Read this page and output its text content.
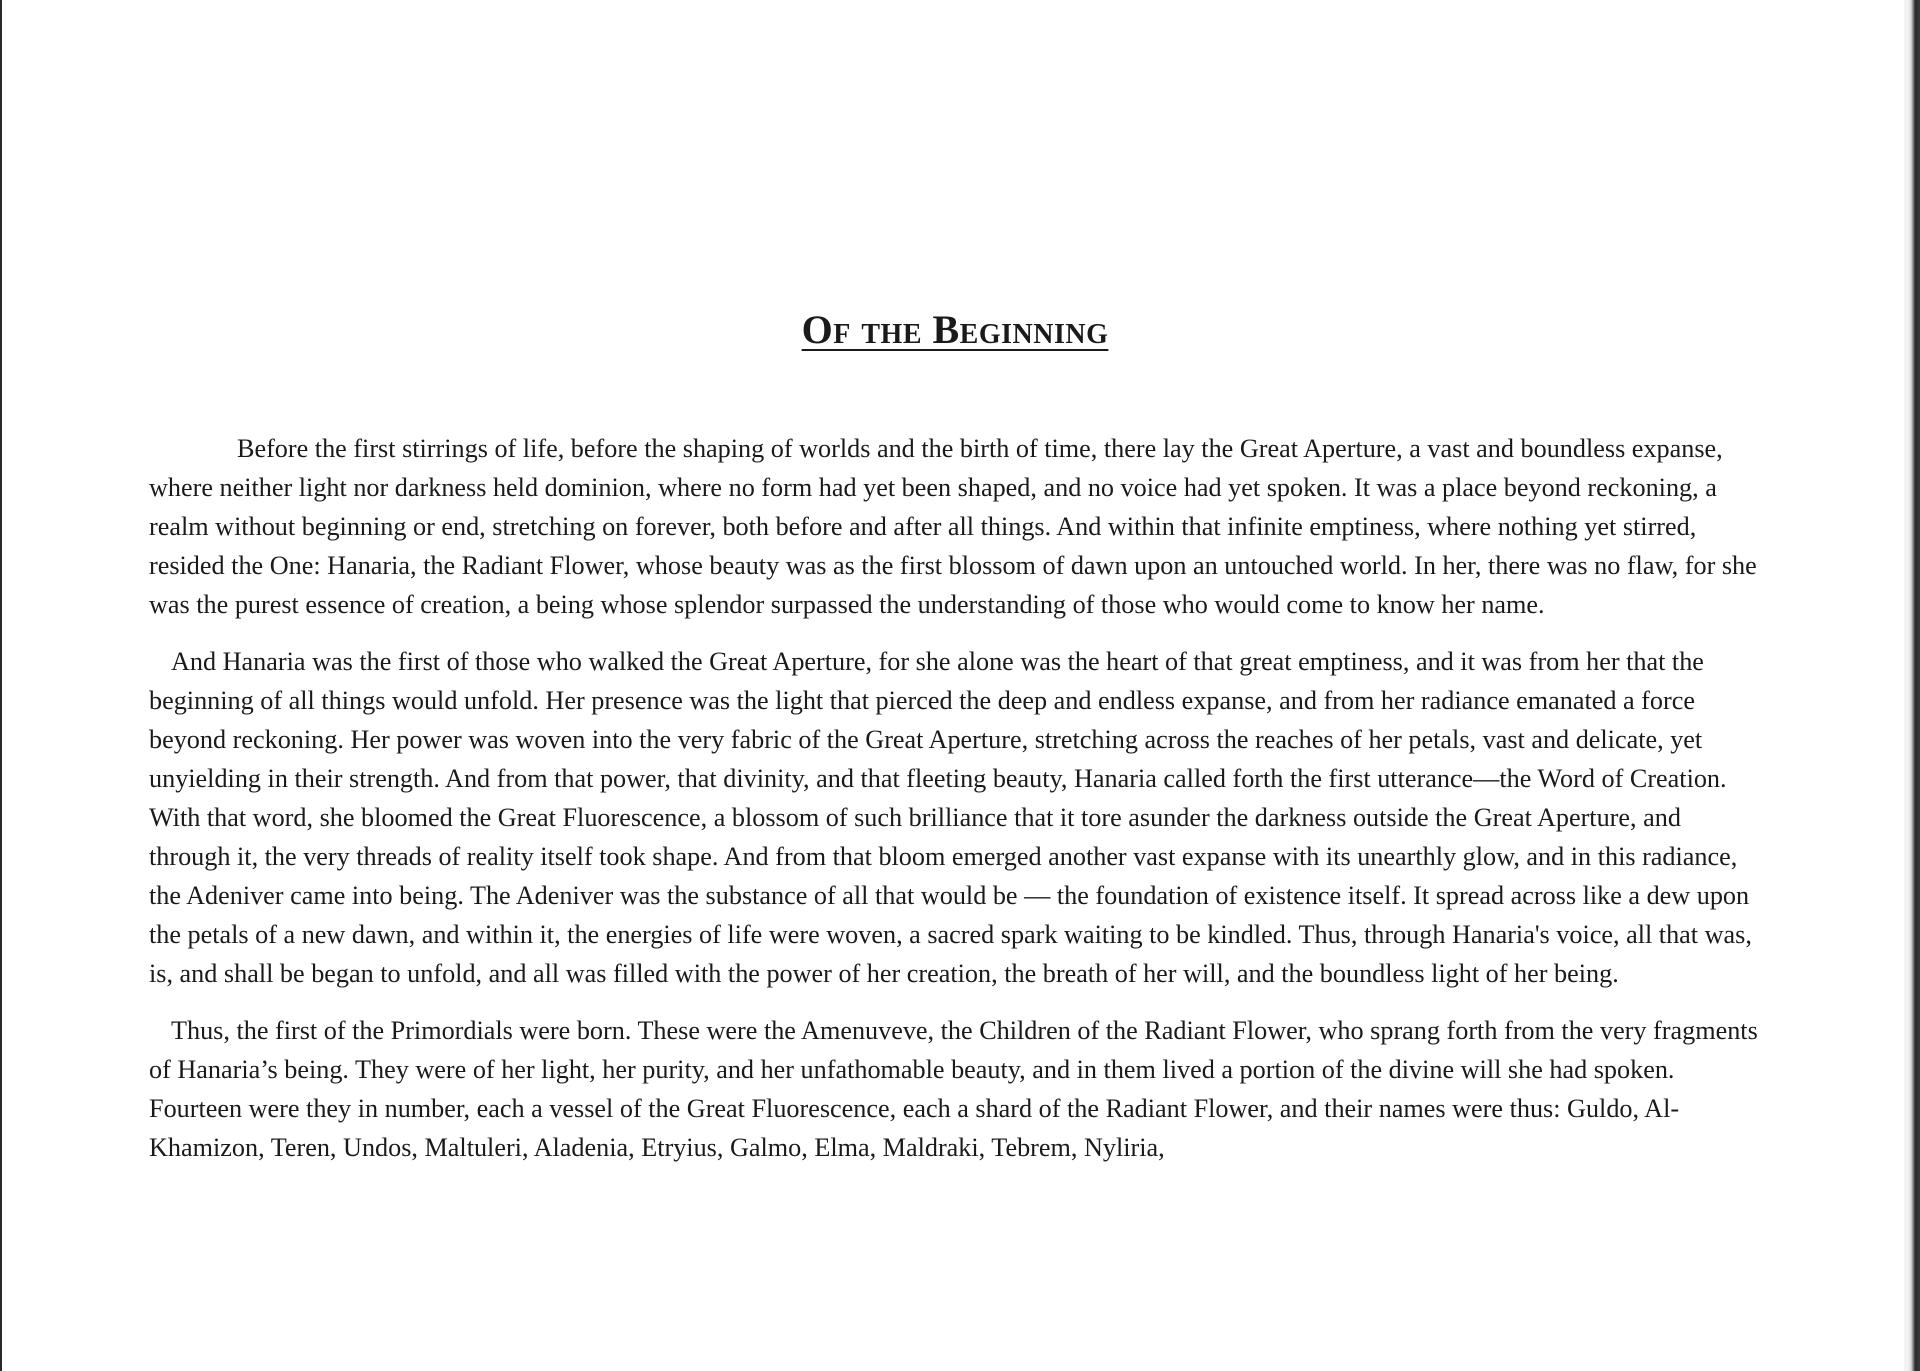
Of the Beginning

Before the first stirrings of life, before the shaping of worlds and the birth of time, there lay the Great Aperture, a vast and boundless expanse, where neither light nor darkness held dominion, where no form had yet been shaped, and no voice had yet spoken. It was a place beyond reckoning, a realm without beginning or end, stretching on forever, both before and after all things. And within that infinite emptiness, where nothing yet stirred, resided the One: Hanaria, the Radiant Flower, whose beauty was as the first blossom of dawn upon an untouched world. In her, there was no flaw, for she was the purest essence of creation, a being whose splendor surpassed the understanding of those who would come to know her name.

And Hanaria was the first of those who walked the Great Aperture, for she alone was the heart of that great emptiness, and it was from her that the beginning of all things would unfold. Her presence was the light that pierced the deep and endless expanse, and from her radiance emanated a force beyond reckoning. Her power was woven into the very fabric of the Great Aperture, stretching across the reaches of her petals, vast and delicate, yet unyielding in their strength. And from that power, that divinity, and that fleeting beauty, Hanaria called forth the first utterance—the Word of Creation. With that word, she bloomed the Great Fluorescence, a blossom of such brilliance that it tore asunder the darkness outside the Great Aperture, and through it, the very threads of reality itself took shape. And from that bloom emerged another vast expanse with its unearthly glow, and in this radiance, the Adeniver came into being. The Adeniver was the substance of all that would be — the foundation of existence itself. It spread across like a dew upon the petals of a new dawn, and within it, the energies of life were woven, a sacred spark waiting to be kindled. Thus, through Hanaria's voice, all that was, is, and shall be began to unfold, and all was filled with the power of her creation, the breath of her will, and the boundless light of her being.

Thus, the first of the Primordials were born. These were the Amenuveve, the Children of the Radiant Flower, who sprang forth from the very fragments of Hanaria’s being. They were of her light, her purity, and her unfathomable beauty, and in them lived a portion of the divine will she had spoken. Fourteen were they in number, each a vessel of the Great Fluorescence, each a shard of the Radiant Flower, and their names were thus: Guldo, Al-Khamizon, Teren, Undos, Maltuleri, Aladenia, Etryius, Galmo, Elma, Maldraki, Tebrem, Nyliria,
